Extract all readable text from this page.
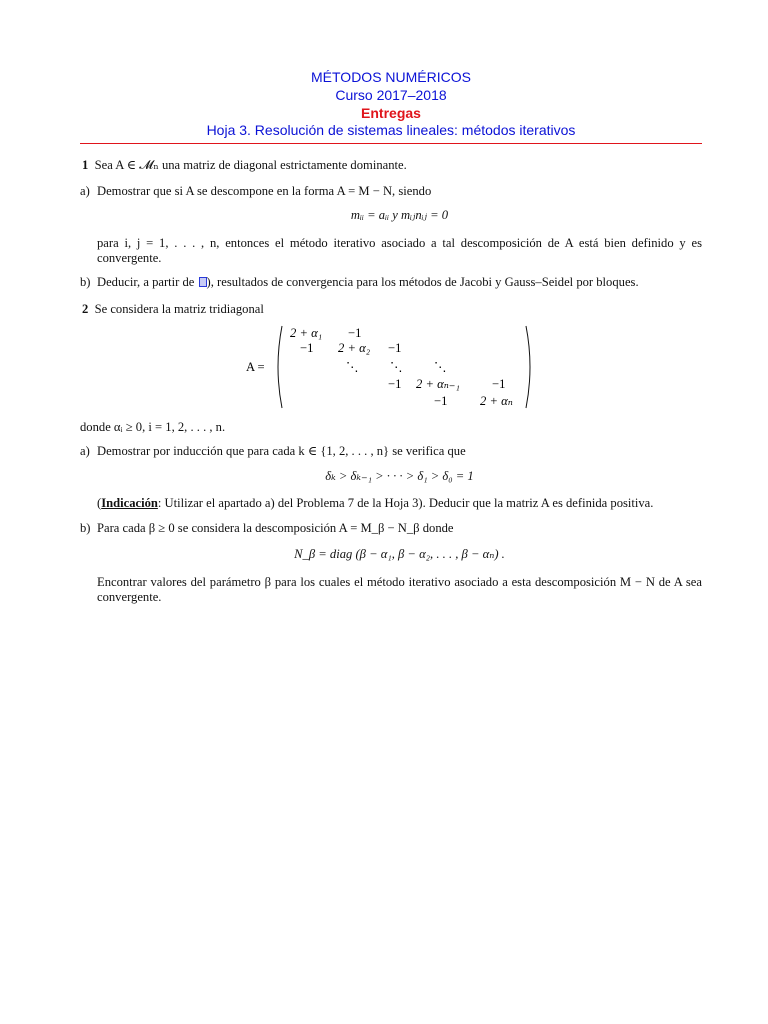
MÉTODOS NUMÉRICOS
Curso 2017–2018
Entregas
Hoja 3. Resolución de sistemas lineales: métodos iterativos
1 Sea A ∈ 𝓜ₙ una matriz de diagonal estrictamente dominante.
a) Demostrar que si A se descompone en la forma A = M − N, siendo
mᵢᵢ = aᵢᵢ y mᵢⱼnᵢⱼ = 0
para i, j = 1, . . . , n, entonces el método iterativo asociado a tal descomposición de A está bien definido y es convergente.
b) Deducir, a partir de ), resultados de convergencia para los métodos de Jacobi y Gauss–Seidel por bloques.
2 Se considera la matriz tridiagonal
A =
2 + α₁ −1
−1 2 + α₂ −1
⋱ ⋱ ⋱
−1 2 + αₙ₋₁	−1
−1	2 + αₙ
donde αᵢ ≥ 0, i = 1, 2, . . . , n.
a) Demostrar por inducción que para cada k ∈ {1, 2, . . . , n} se verifica que
δₖ > δₖ₋₁ > · · · > δ₁ > δ₀ = 1
(Indicación: Utilizar el apartado a) del Problema 7 de la Hoja 3). Deducir que la matriz A es definida positiva.
b) Para cada β ≥ 0 se considera la descomposición A = M_β − N_β donde
N_β = diag (β − α₁, β − α₂, . . . , β − αₙ) .
Encontrar valores del parámetro β para los cuales el método iterativo asociado a esta descomposición M − N de A sea convergente.
